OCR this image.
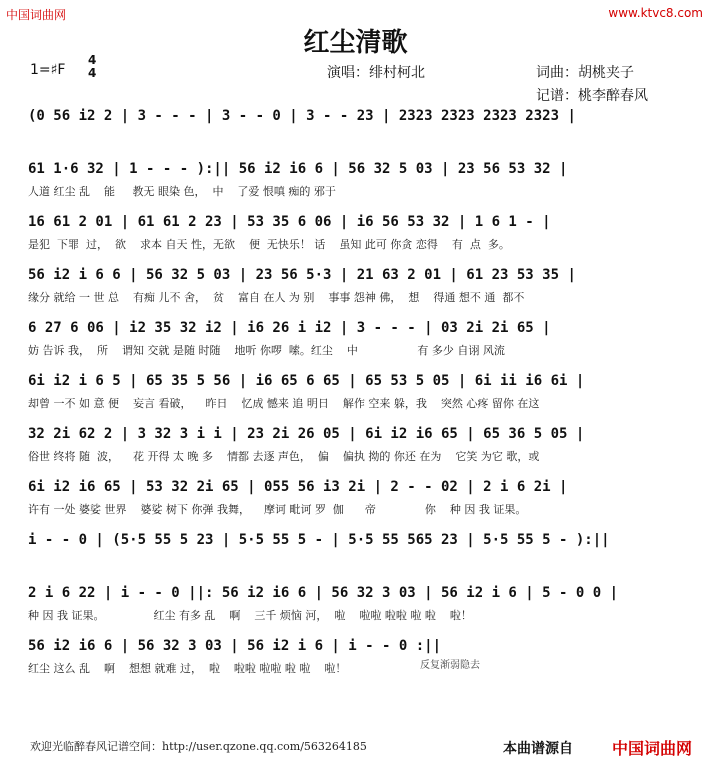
中国词曲网	www.ktvc8.com
红尘清歌
1=♯F
4
4	演唱：绯村柯北	词曲：胡桃夹子
记谱：桃李醉春风
(0 56 i2 2 | 3 - - - | 3 - - 0 | 3 - - 23 | 2323 2323 2323 2323 |
61 1·6 32 | 1 - - - ):|| 56 i2 i6 6 | 56 32 5 03 | 23 56 53 32 |
人道 红尘 乱    能     教无 眼染 色，  中    了爱 恨嗔 痴的 邪于
16 61 2 01 | 61 61 2 23 | 53 35 6 06 | i6 56 53 32 | 1 6 1 - |
是犯  下罪  过，  欲    求本 自天 性，无欲    便  无快乐！ 话    虽知 此可 你贪 恋得    有  点  多。
56 i2 i 6 6 | 56 32 5 03 | 23 56 5·3 | 21 63 2 01 | 61 23 53 35 |
缘分 就给 一 世 总    有痴 儿不 舍，  贫    富自 在人 为 别    事事 怨神 佛，  想    得通 想不 通  都不
6 27 6 06 | i2 35 32 i2 | i6 26 i i2 | 3 - - - | 03 2i 2i 65 |
妨 告诉 我，  所    谓知 交就 是随 时随    地听 你啰  嗦。红尘    中                 有 多少 自诩 风流
6i i2 i 6 5 | 65 35 5 56 | i6 65 6 65 | 65 53 5 05 | 6i ii i6 6i |
却曾 一不 如 意 便    妄言 看破，    昨日    忆成 憾来 追 明日    解作 空来 躲，我    突然 心疼 留你 在这
32 2i 62 2 | 3 32 3 i i | 23 2i 26 05 | 6i i2 i6 65 | 65 36 5 05 |
俗世 终将 随  波，    花 开得 太 晚 多    情都 去逐 声色，  偏    偏执 拗的 你还 在为    它笑 为它 歌，或
6i i2 i6 65 | 53 32 2i 65 | 055 56 i3 2i | 2 - - 02 | 2 i 6 2i |
许有 一处 婆娑 世界    婆娑 树下 你弹 我舞，    摩诃 毗诃 罗  伽      帝              你    种 因 我 证果。
i - - 0 | (5·5 55 5 23 | 5·5 55 5 - | 5·5 55 565 23 | 5·5 55 5 - ):||
2 i 6 22 | i - - 0 ||: 56 i2 i6 6 | 56 32 3 03 | 56 i2 i 6 | 5 - 0 0 |
种 因 我 证果。              红尘 有多 乱    啊    三千 烦恼 河，  啦    啦啦 啦啦 啦 啦    啦！
56 i2 i6 6 | 56 32 3 03 | 56 i2 i 6 | i - - 0 :||
红尘 这么 乱    啊    想想 就难 过，  啦    啦啦 啦啦 啦 啦    啦！	反复渐弱隐去
欢迎光临醉春风记谱空间：http://user.qzone.qq.com/563264185	本曲谱源自 中国词曲网
